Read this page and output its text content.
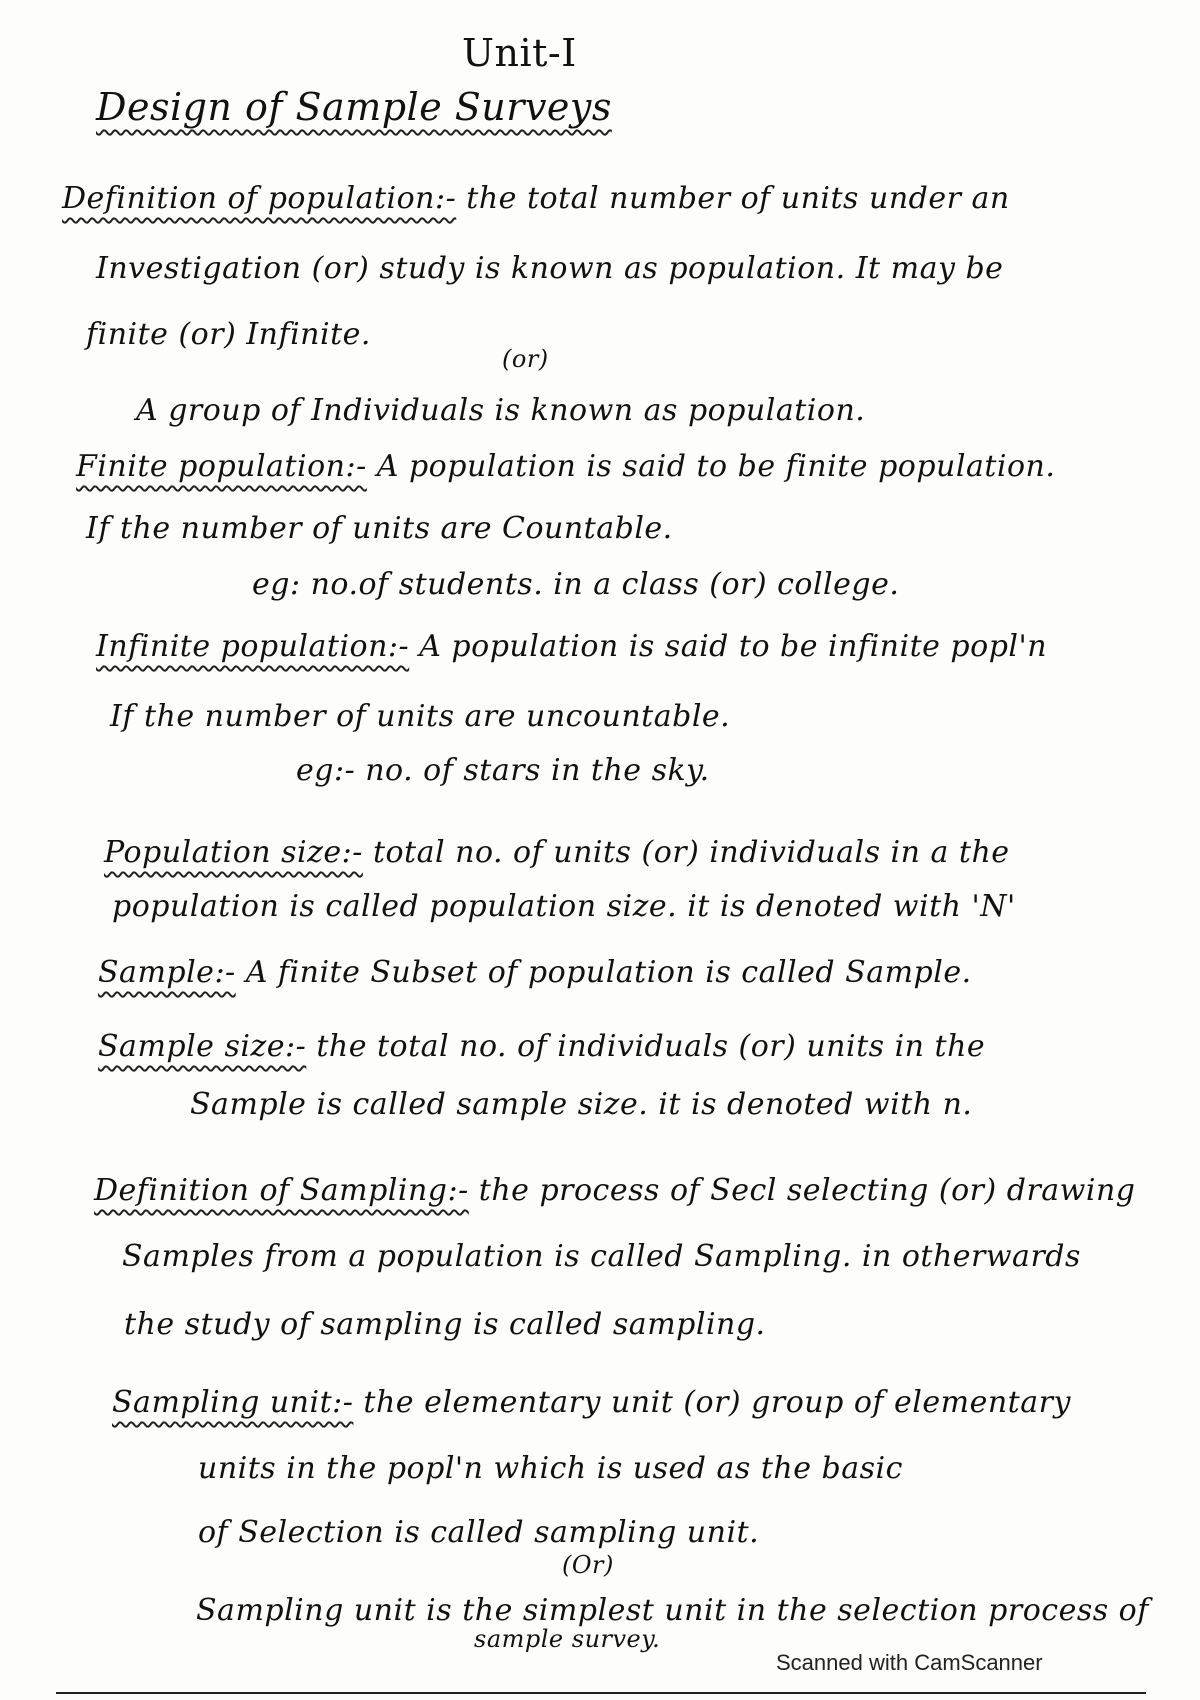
Unit-I
Design of Sample Surveys
Definition of population:- the total number of units under an
Investigation (or) study is known as population. It may be
finite (or) Infinite.
(or)
A group of Individuals is known as population.
Finite population:- A population is said to be finite population.
If the number of units are Countable.
eg: no.of students. in a class (or) college.
Infinite population:- A population is said to be infinite popl'n
If the number of units are uncountable.
eg:- no. of stars in the sky.
Population size:- total no. of units (or) individuals in a the
population is called population size. it is denoted with 'N'
Sample:- A finite Subset of population is called Sample.
Sample size:- the total no. of individuals (or) units in the
Sample is called sample size. it is denoted with n.
Definition of Sampling:- the process of Secl selecting (or) drawing
Samples from a population is called Sampling. in otherwards
the study of sampling is called sampling.
Sampling unit:- the elementary unit (or) group of elementary
units in the popl'n which is used as the basic
of Selection is called sampling unit.
(Or)
Sampling unit is the simplest unit in the selection process of
sample survey.
Scanned with CamScanner
